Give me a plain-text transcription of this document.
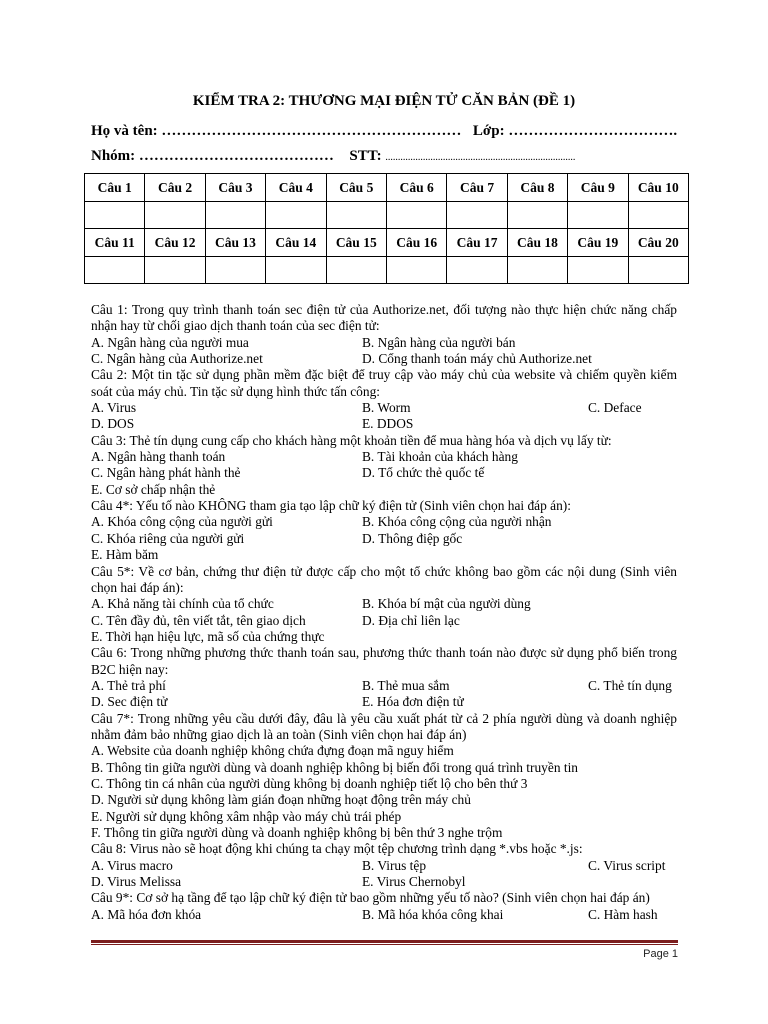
KIỂM TRA 2: THƯƠNG MẠI ĐIỆN TỬ CĂN BẢN (ĐỀ 1)
Họ và tên: …………………………………………………… Lớp: …………………………….
Nhóm: ………………………………… STT: ............................................................................
Câu 1	Câu 2	Câu 3	Câu 4	Câu 5	Câu 6	Câu 7	Câu 8	Câu 9	Câu 10

Câu 11	Câu 12	Câu 13	Câu 14	Câu 15	Câu 16	Câu 17	Câu 18	Câu 19	Câu 20

Câu 1: Trong quy trình thanh toán sec điện tử của Authorize.net, đối tượng nào thực hiện chức năng chấp nhận hay từ chối giao dịch thanh toán của sec điện tử:
A. Ngân hàng của người mua	B. Ngân hàng của người bán
C. Ngân hàng của Authorize.net	D. Cổng thanh toán máy chủ Authorize.net
Câu 2: Một tin tặc sử dụng phần mềm đặc biệt để truy cập vào máy chủ của website và chiếm quyền kiểm soát của máy chủ. Tin tặc sử dụng hình thức tấn công:
A. Virus	B. Worm	C. Deface
D. DOS	E. DDOS
Câu 3: Thẻ tín dụng cung cấp cho khách hàng một khoản tiền để mua hàng hóa và dịch vụ lấy từ:
A. Ngân hàng thanh toán	B. Tài khoản của khách hàng
C. Ngân hàng phát hành thẻ	D. Tổ chức thẻ quốc tế
E. Cơ sở chấp nhận thẻ
Câu 4*: Yếu tố nào KHÔNG tham gia tạo lập chữ ký điện tử (Sinh viên chọn hai đáp án):
A. Khóa công cộng của người gửi	B. Khóa công cộng của người nhận
C. Khóa riêng của người gửi	D. Thông điệp gốc
E. Hàm băm
Câu 5*: Về cơ bản, chứng thư điện tử được cấp cho một tổ chức không bao gồm các nội dung (Sinh viên chọn hai đáp án):
A. Khả năng tài chính của tổ chức	B. Khóa bí mật của người dùng
C. Tên đầy đủ, tên viết tắt, tên giao dịch	D. Địa chỉ liên lạc
E. Thời hạn hiệu lực, mã số của chứng thực
Câu 6: Trong những phương thức thanh toán sau, phương thức thanh toán nào được sử dụng phổ biến trong B2C hiện nay:
A. Thẻ trả phí	B. Thẻ mua sắm	C. Thẻ tín dụng
D. Sec điện tử	E. Hóa đơn điện tử
Câu 7*: Trong những yêu cầu dưới đây, đâu là yêu cầu xuất phát từ cả 2 phía người dùng và doanh nghiệp nhằm đảm bảo những giao dịch là an toàn (Sinh viên chọn hai đáp án)
A. Website của doanh nghiệp không chứa đựng đoạn mã nguy hiểm
B. Thông tin giữa người dùng và doanh nghiệp không bị biến đổi trong quá trình truyền tin
C. Thông tin cá nhân của người dùng không bị doanh nghiệp tiết lộ cho bên thứ 3
D. Người sử dụng không làm gián đoạn những hoạt động trên máy chủ
E. Người sử dụng không xâm nhập vào máy chủ trái phép
F. Thông tin giữa người dùng và doanh nghiệp không bị bên thứ 3 nghe trộm
Câu 8: Virus nào sẽ hoạt động khi chúng ta chạy một tệp chương trình dạng *.vbs hoặc *.js:
A. Virus macro	B. Virus tệp	C. Virus script
D. Virus Melissa	E. Virus Chernobyl
Câu 9*: Cơ sở hạ tầng để tạo lập chữ ký điện tử bao gồm những yếu tố nào? (Sinh viên chọn hai đáp án)
A. Mã hóa đơn khóa	B. Mã hóa khóa công khai	C. Hàm hash
Page 1
